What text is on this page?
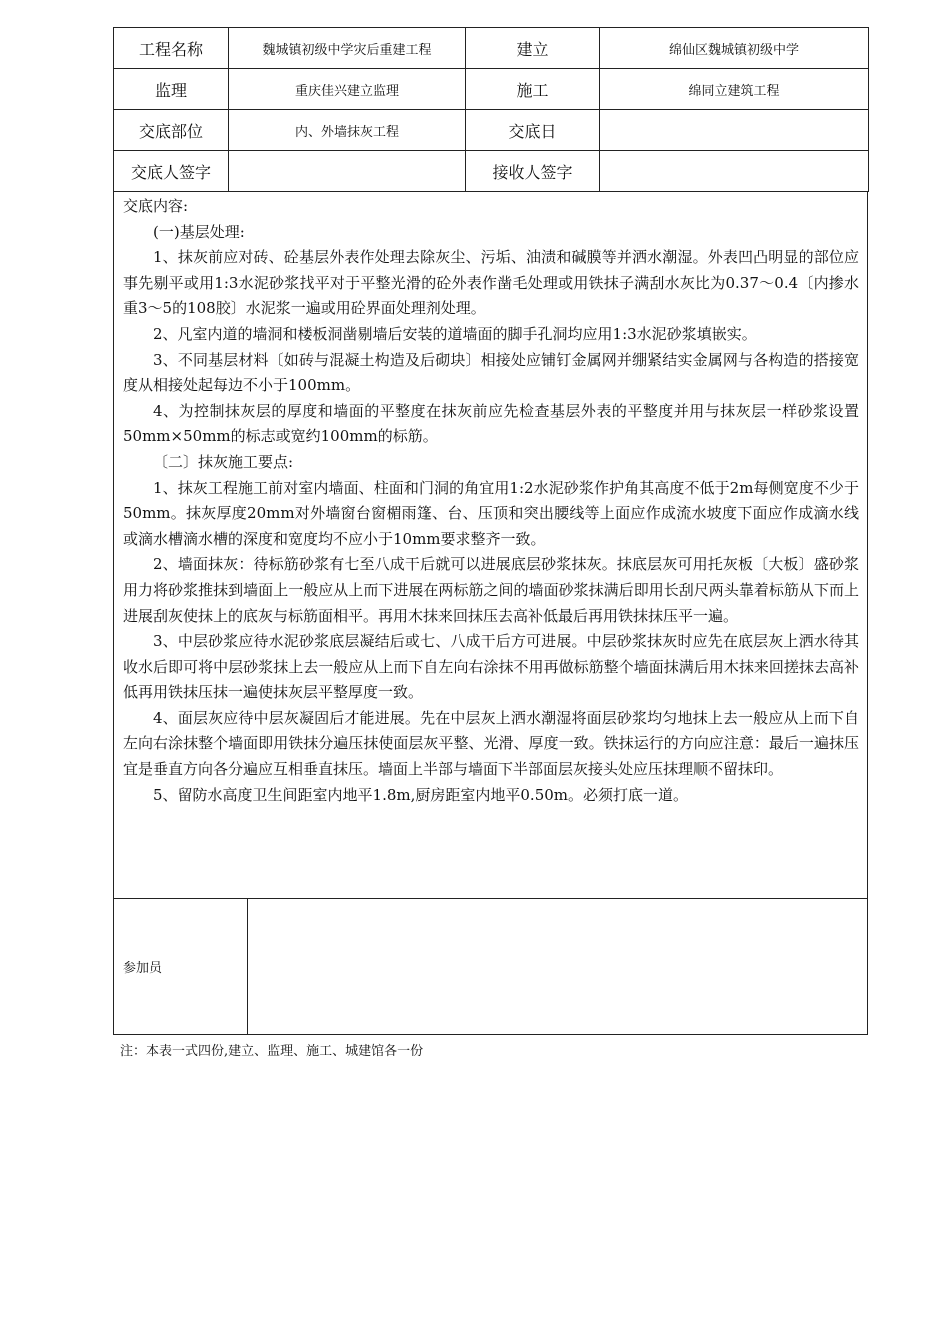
工程名称	魏城镇初级中学灾后重建工程	建立	绵仙区魏城镇初级中学
监理	重庆佳兴建立监理	施工	绵同立建筑工程
交底部位	内、外墙抹灰工程	交底日	
交底人签字		接收人签字	

交底内容:

(一)基层处理:

1、抹灰前应对砖、砼基层外表作处理去除灰尘、污垢、油渍和碱膜等并洒水潮湿。外表凹凸明显的部位应事先剔平或用1:3水泥砂浆找平对于平整光滑的砼外表作凿毛处理或用铁抹子满刮水灰比为0.37～0.4〔内掺水重3～5的108胶〕水泥浆一遍或用砼界面处理剂处理。

2、凡室内道的墙洞和楼板洞凿剔墙后安装的道墙面的脚手孔洞均应用1:3水泥砂浆填嵌实。

3、不同基层材料〔如砖与混凝土构造及后砌块〕相接处应铺钉金属网并绷紧结实金属网与各构造的搭接宽度从相接处起每边不小于100mm。

4、为控制抹灰层的厚度和墙面的平整度在抹灰前应先检查基层外表的平整度并用与抹灰层一样砂浆设置50mm×50mm的标志或宽约100mm的标筋。

〔二〕抹灰施工要点:

1、抹灰工程施工前对室内墙面、柱面和门洞的角宜用1:2水泥砂浆作护角其高度不低于2m每侧宽度不少于50mm。抹灰厚度20mm对外墙窗台窗楣雨篷、台、压顶和突出腰线等上面应作成流水坡度下面应作成滴水线或滴水槽滴水槽的深度和宽度均不应小于10mm要求整齐一致。

2、墙面抹灰：待标筋砂浆有七至八成干后就可以进展底层砂浆抹灰。抹底层灰可用托灰板〔大板〕盛砂浆用力将砂浆推抹到墙面上一般应从上而下进展在两标筋之间的墙面砂浆抹满后即用长刮尺两头靠着标筋从下而上进展刮灰使抹上的底灰与标筋面相平。再用木抹来回抹压去高补低最后再用铁抹抹压平一遍。

3、中层砂浆应待水泥砂浆底层凝结后或七、八成干后方可进展。中层砂浆抹灰时应先在底层灰上洒水待其收水后即可将中层砂浆抹上去一般应从上而下自左向右涂抹不用再做标筋整个墙面抹满后用木抹来回搓抹去高补低再用铁抹压抹一遍使抹灰层平整厚度一致。

4、面层灰应待中层灰凝固后才能进展。先在中层灰上洒水潮湿将面层砂浆均匀地抹上去一般应从上而下自左向右涂抹整个墙面即用铁抹分遍压抹使面层灰平整、光滑、厚度一致。铁抹运行的方向应注意：最后一遍抹压宜是垂直方向各分遍应互相垂直抹压。墙面上半部与墙面下半部面层灰接头处应压抹理顺不留抹印。

5、留防水高度卫生间距室内地平1.8m,厨房距室内地平0.50m。必须打底一道。

参加员
注：本表一式四份,建立、监理、施工、城建馆各一份
